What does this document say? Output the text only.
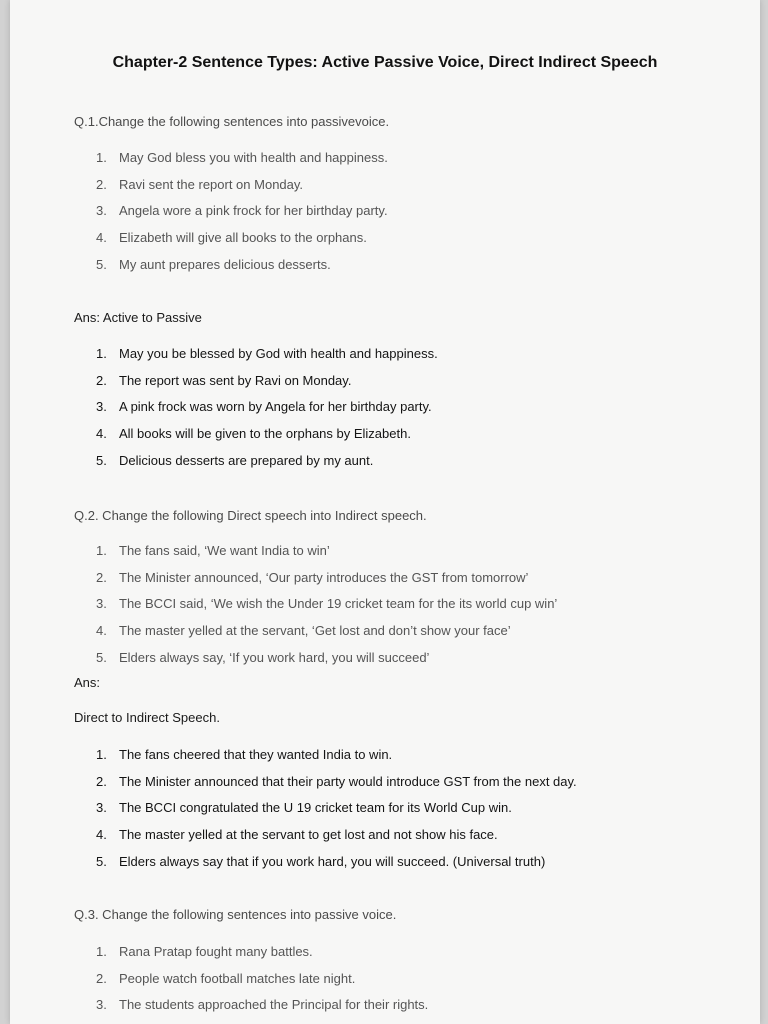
Chapter-2 Sentence Types: Active Passive Voice, Direct Indirect Speech
Q.1.Change the following sentences into passivevoice.
1. May God bless you with health and happiness.
2. Ravi sent the report on Monday.
3. Angela wore a pink frock for her birthday party.
4. Elizabeth will give all books to the orphans.
5. My aunt prepares delicious desserts.
Ans: Active to Passive
1. May you be blessed by God with health and happiness.
2. The report was sent by Ravi on Monday.
3. A pink frock was worn by Angela for her birthday party.
4. All books will be given to the orphans by Elizabeth.
5. Delicious desserts are prepared by my aunt.
Q.2. Change the following Direct speech into Indirect speech.
1. The fans said, ‘We want India to win’
2. The Minister announced, ‘Our party introduces the GST from tomorrow’
3. The BCCI said, ‘We wish the Under 19 cricket team for the its world cup win’
4. The master yelled at the servant, ‘Get lost and don’t show your face’
5. Elders always say, ‘If you work hard, you will succeed’
Ans:
Direct to Indirect Speech.
1. The fans cheered that they wanted India to win.
2. The Minister announced that their party would introduce GST from the next day.
3. The BCCI congratulated the U 19 cricket team for its World Cup win.
4. The master yelled at the servant to get lost and not show his face.
5. Elders always say that if you work hard, you will succeed. (Universal truth)
Q.3. Change the following sentences into passive voice.
1. Rana Pratap fought many battles.
2. People watch football matches late night.
3. The students approached the Principal for their rights.
